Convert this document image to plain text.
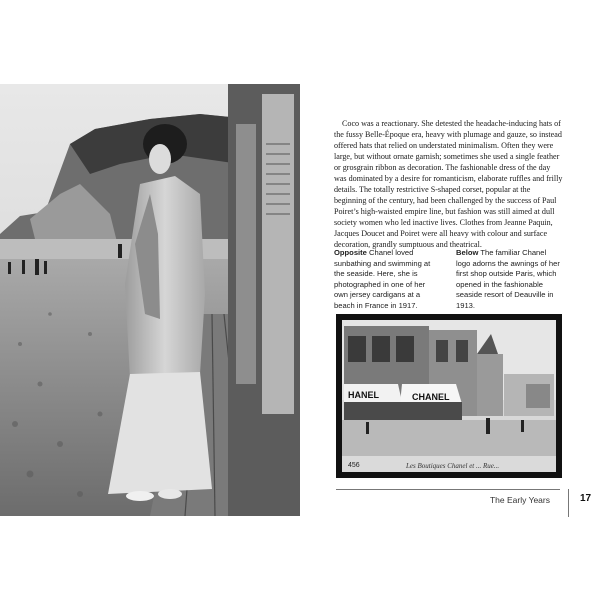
Coco was a reactionary. She detested the headache-inducing hats of the fussy Belle-Époque era, heavy with plumage and gauze, so instead offered hats that relied on understated minimalism. Often they were large, but without ornate garnish; sometimes she used a single feather or grosgrain ribbon as decoration. The fashionable dress of the day was dominated by a desire for romanticism, elaborate ruffles and frilly details. The totally restrictive S-shaped corset, popular at the beginning of the century, had been challenged by the success of Paul Poiret’s high-waisted empire line, but fashion was still aimed at dull society women who led inactive lives. Clothes from Jeanne Paquin, Jacques Doucet and Poiret were all heavy with colour and surface decoration, grandly sumptuous and theatrical.

Opposite Chanel loved sunbathing and swimming at the seaside. Here, she is photographed in one of her own jersey cardigans at a beach in France in 1917.
Below The familiar Chanel logo adorns the awnings of her first shop outside Paris, which opened in the fashionable seaside resort of Deauville in 1913.
HANEL	CHANEL
456	Les Boutiques Chanel et ... Rue...
The Early Years	17
